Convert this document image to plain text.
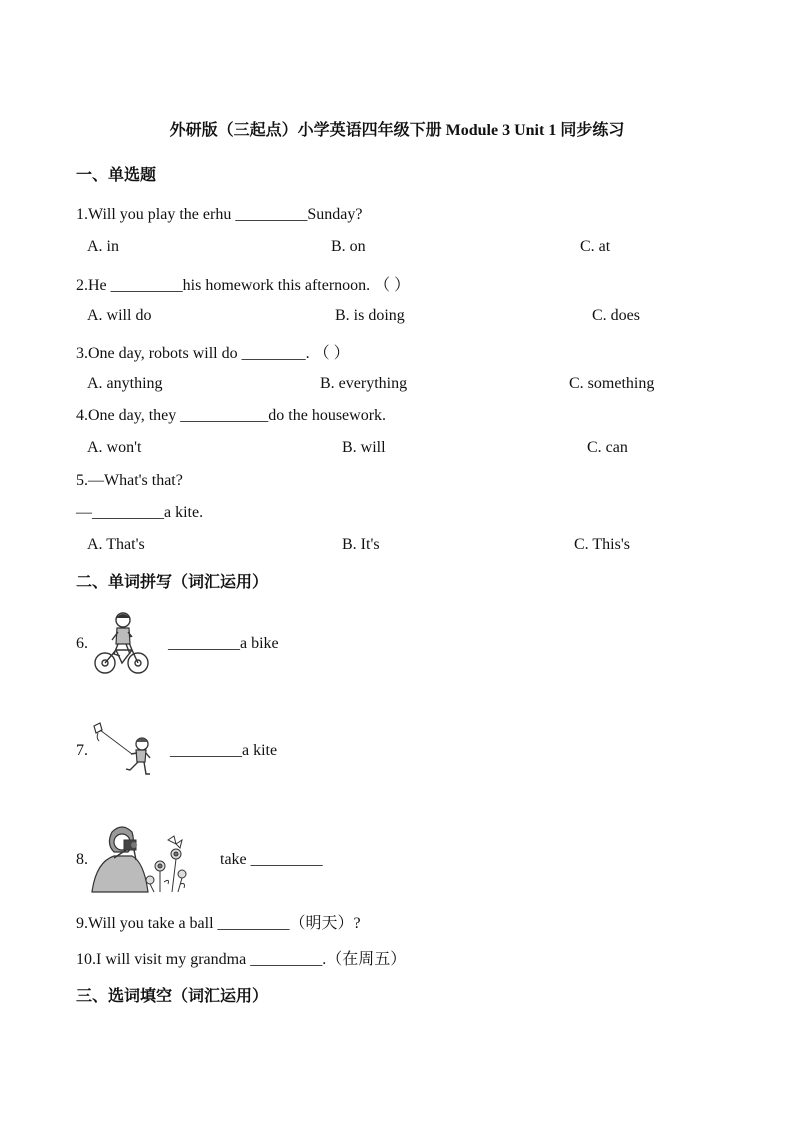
外研版（三起点）小学英语四年级下册 Module 3 Unit 1 同步练习
一、单选题
1.Will you play the erhu _________Sunday?
A. in	B. on	C. at
2.He _________his homework this afternoon. （ ）
A. will do	B. is doing	C. does
3.One day, robots will do ________. （ ）
A. anything	B. everything	C. something
4.One day, they ___________do the housework.
A. won't	B. will	C. can
5.—What's that?
—_________a kite.
A. That's	B. It's	C. This's
二、单词拼写（词汇运用）
6.	_________a bike
7.	_________a kite
8.	take _________
9.Will you take a ball _________（明天）?
10.I will visit my grandma _________.（在周五）
三、选词填空（词汇运用）
